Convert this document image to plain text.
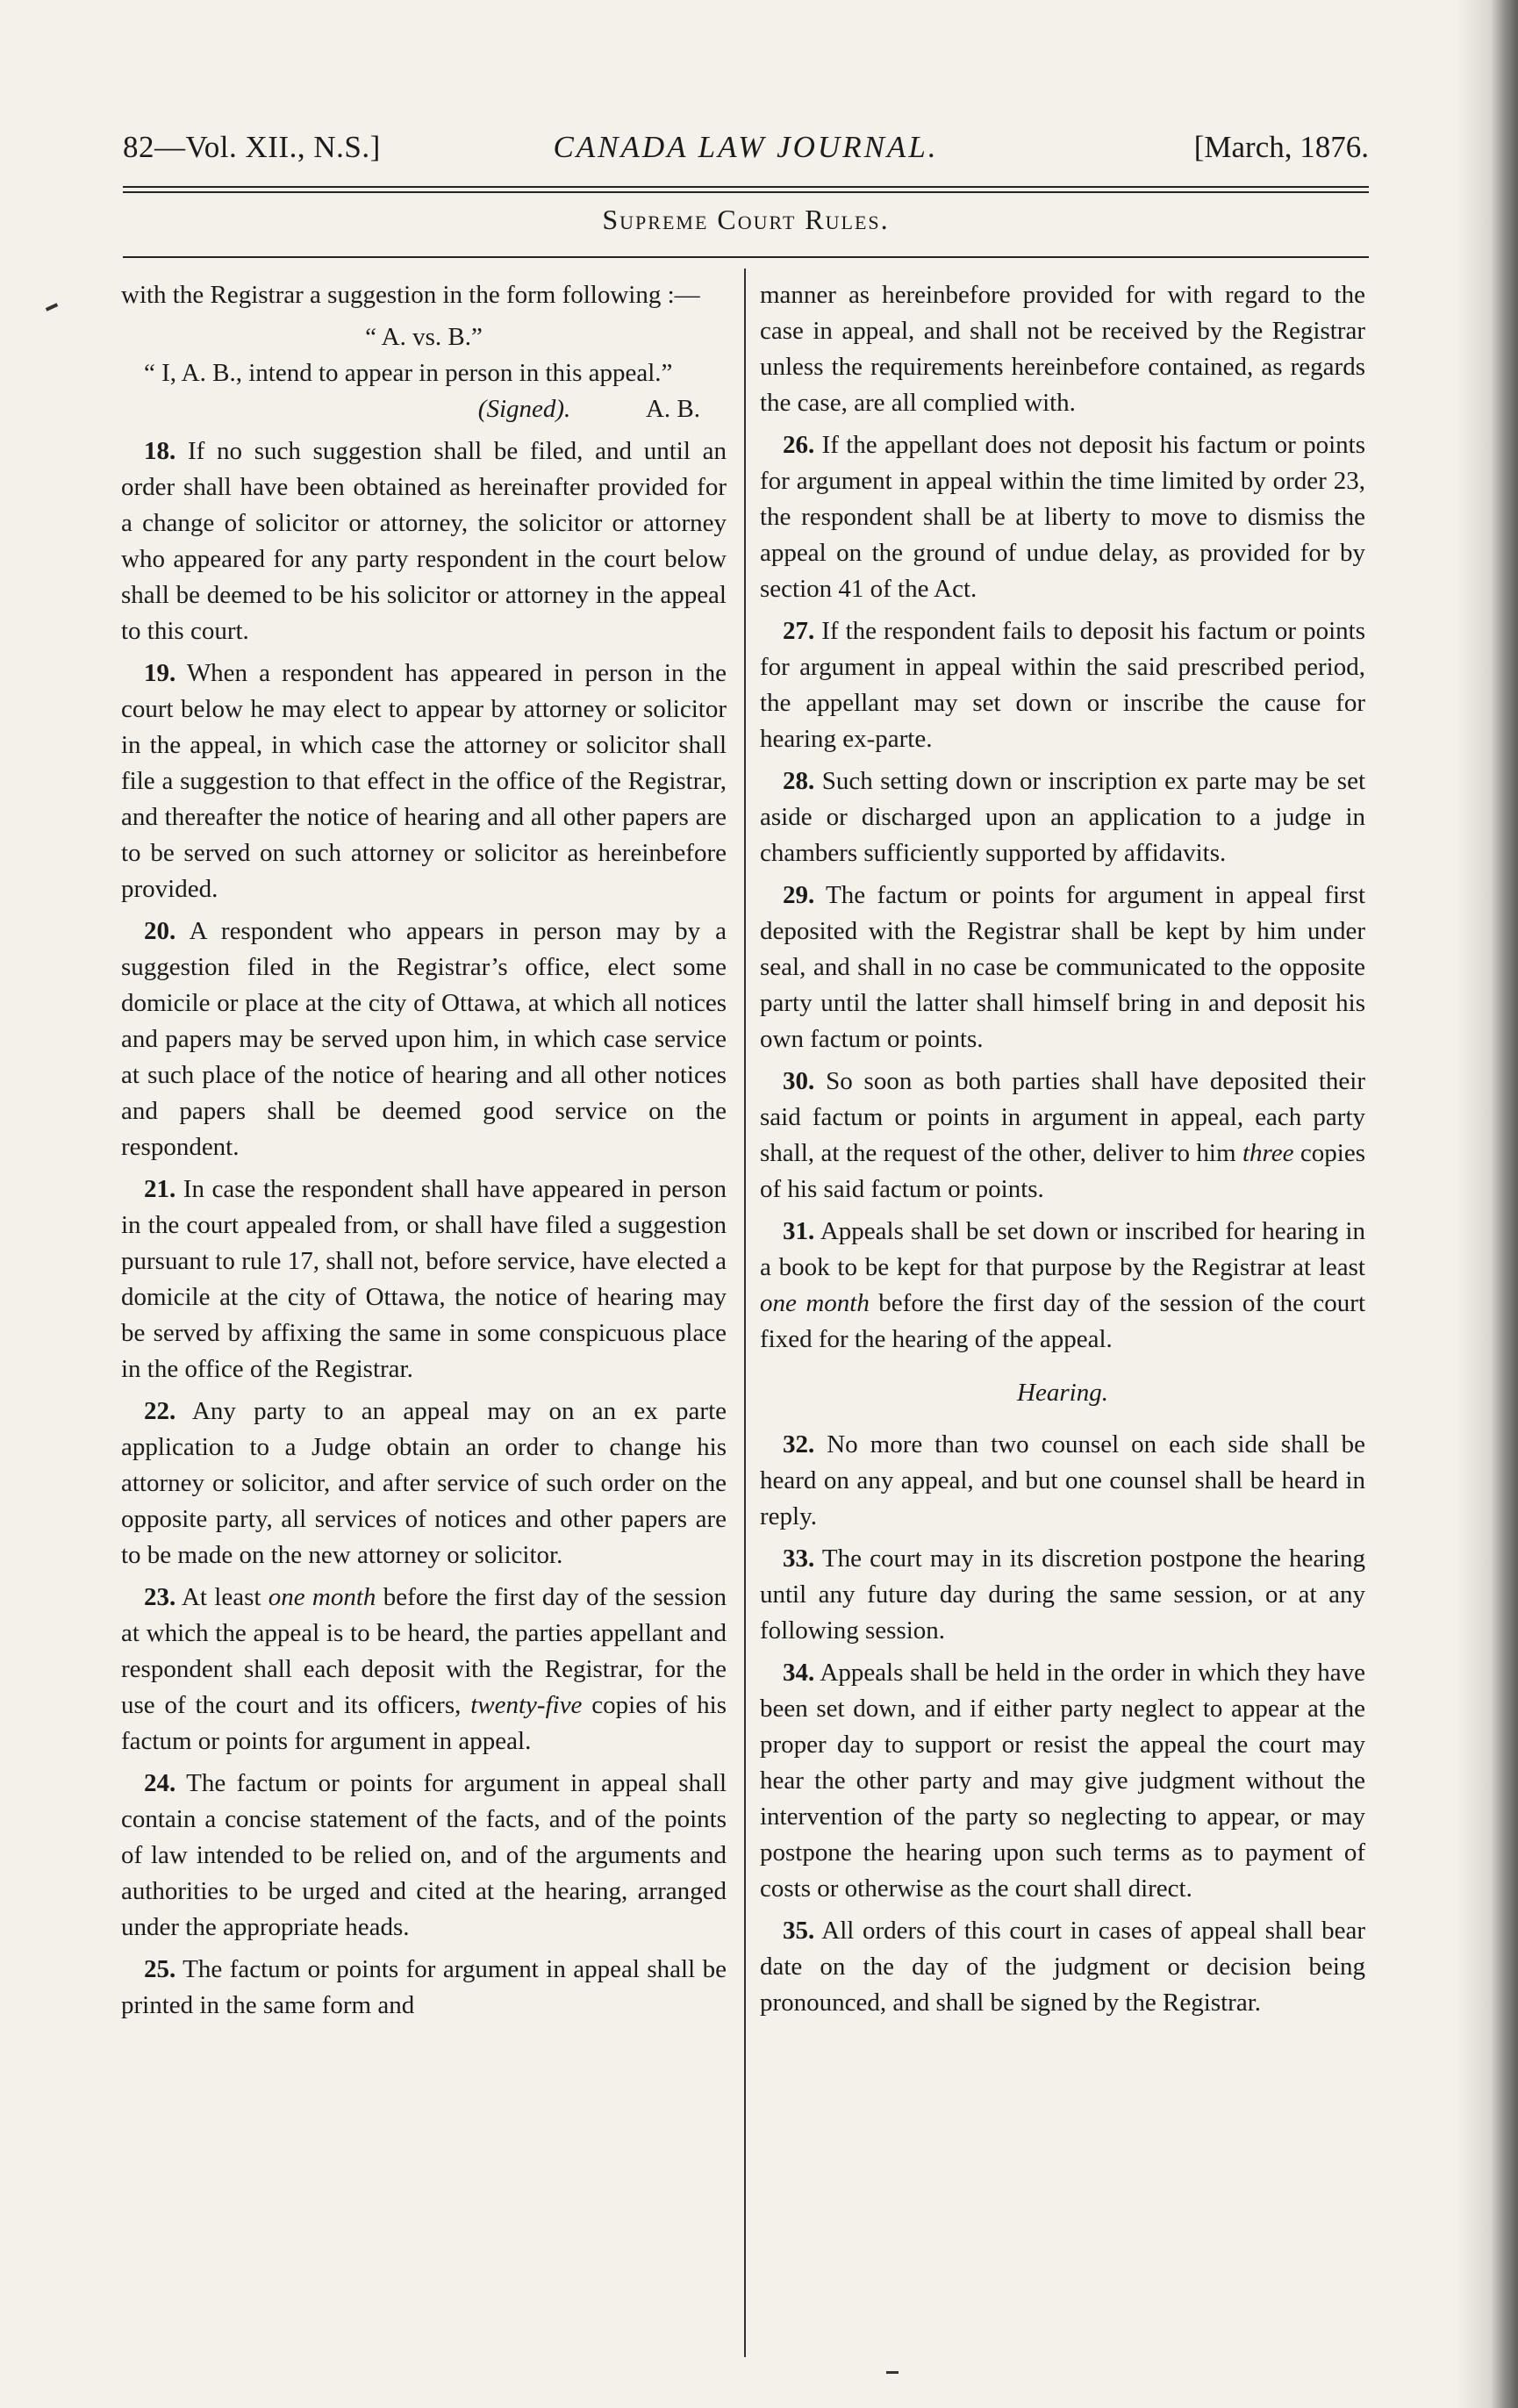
82—Vol. XII., N.S.]	CANADA LAW JOURNAL.	[March, 1876.
Supreme Court Rules.

with the Registrar a suggestion in the form following :—

“ A. vs. B.”

“ I, A. B., intend to appear in person in this appeal.”

(Signed).	A. B.

18. If no such suggestion shall be filed, and until an order shall have been obtained as hereinafter provided for a change of solicitor or attorney, the solicitor or attorney who appeared for any party respondent in the court below shall be deemed to be his solicitor or attorney in the appeal to this court.

19. When a respondent has appeared in person in the court below he may elect to appear by attorney or solicitor in the appeal, in which case the attorney or solicitor shall file a suggestion to that effect in the office of the Registrar, and thereafter the notice of hearing and all other papers are to be served on such attorney or solicitor as hereinbefore provided.

20. A respondent who appears in person may by a suggestion filed in the Registrar’s office, elect some domicile or place at the city of Ottawa, at which all notices and papers may be served upon him, in which case service at such place of the notice of hearing and all other notices and papers shall be deemed good service on the respondent.

21. In case the respondent shall have appeared in person in the court appealed from, or shall have filed a suggestion pursuant to rule 17, shall not, before service, have elected a domicile at the city of Ottawa, the notice of hearing may be served by affixing the same in some conspicuous place in the office of the Registrar.

22. Any party to an appeal may on an ex parte application to a Judge obtain an order to change his attorney or solicitor, and after service of such order on the opposite party, all services of notices and other papers are to be made on the new attorney or solicitor.

23. At least one month before the first day of the session at which the appeal is to be heard, the parties appellant and respondent shall each deposit with the Registrar, for the use of the court and its officers, twenty-five copies of his factum or points for argument in appeal.

24. The factum or points for argument in appeal shall contain a concise statement of the facts, and of the points of law intended to be relied on, and of the arguments and authorities to be urged and cited at the hearing, arranged under the appropriate heads.

25. The factum or points for argument in appeal shall be printed in the same form and

manner as hereinbefore provided for with regard to the case in appeal, and shall not be received by the Registrar unless the requirements hereinbefore contained, as regards the case, are all complied with.

26. If the appellant does not deposit his factum or points for argument in appeal within the time limited by order 23, the respondent shall be at liberty to move to dismiss the appeal on the ground of undue delay, as provided for by section 41 of the Act.

27. If the respondent fails to deposit his factum or points for argument in appeal within the said prescribed period, the appellant may set down or inscribe the cause for hearing ex-parte.

28. Such setting down or inscription ex parte may be set aside or discharged upon an application to a judge in chambers sufficiently supported by affidavits.

29. The factum or points for argument in appeal first deposited with the Registrar shall be kept by him under seal, and shall in no case be communicated to the opposite party until the latter shall himself bring in and deposit his own factum or points.

30. So soon as both parties shall have deposited their said factum or points in argument in appeal, each party shall, at the request of the other, deliver to him three copies of his said factum or points.

31. Appeals shall be set down or inscribed for hearing in a book to be kept for that purpose by the Registrar at least one month before the first day of the session of the court fixed for the hearing of the appeal.

Hearing.

32. No more than two counsel on each side shall be heard on any appeal, and but one counsel shall be heard in reply.

33. The court may in its discretion postpone the hearing until any future day during the same session, or at any following session.

34. Appeals shall be held in the order in which they have been set down, and if either party neglect to appear at the proper day to support or resist the appeal the court may hear the other party and may give judgment without the intervention of the party so neglecting to appear, or may postpone the hearing upon such terms as to payment of costs or otherwise as the court shall direct.

35. All orders of this court in cases of appeal shall bear date on the day of the judgment or decision being pronounced, and shall be signed by the Registrar.
